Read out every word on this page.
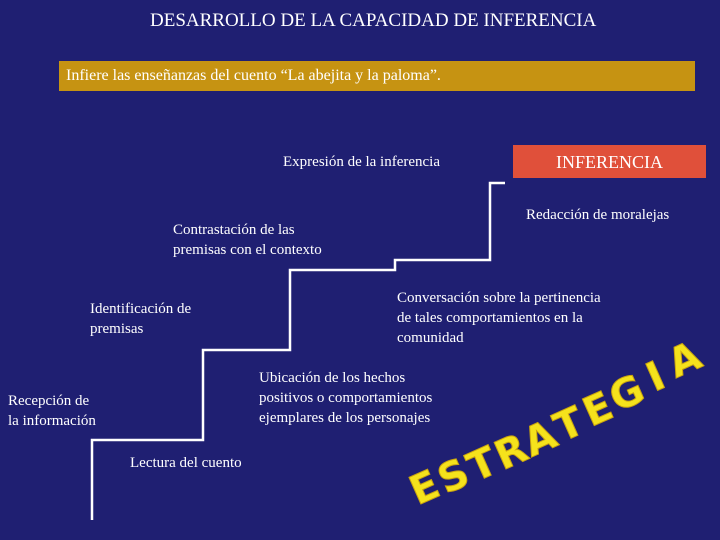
DESARROLLO DE LA CAPACIDAD DE INFERENCIA
Infiere las enseñanzas del cuento “La abejita y la paloma”.
INFERENCIA
Expresión de la inferencia
Contrastación de las
premisas con el contexto
Identificación de
premisas
Recepción de
la información
Redacción de moralejas
Conversación sobre la pertinencia
de tales comportamientos en la
comunidad
Ubicación de los hechos
positivos o comportamientos
ejemplares de los personajes
Lectura del cuento	E
S
T
R
A
T
E
G
I
A
